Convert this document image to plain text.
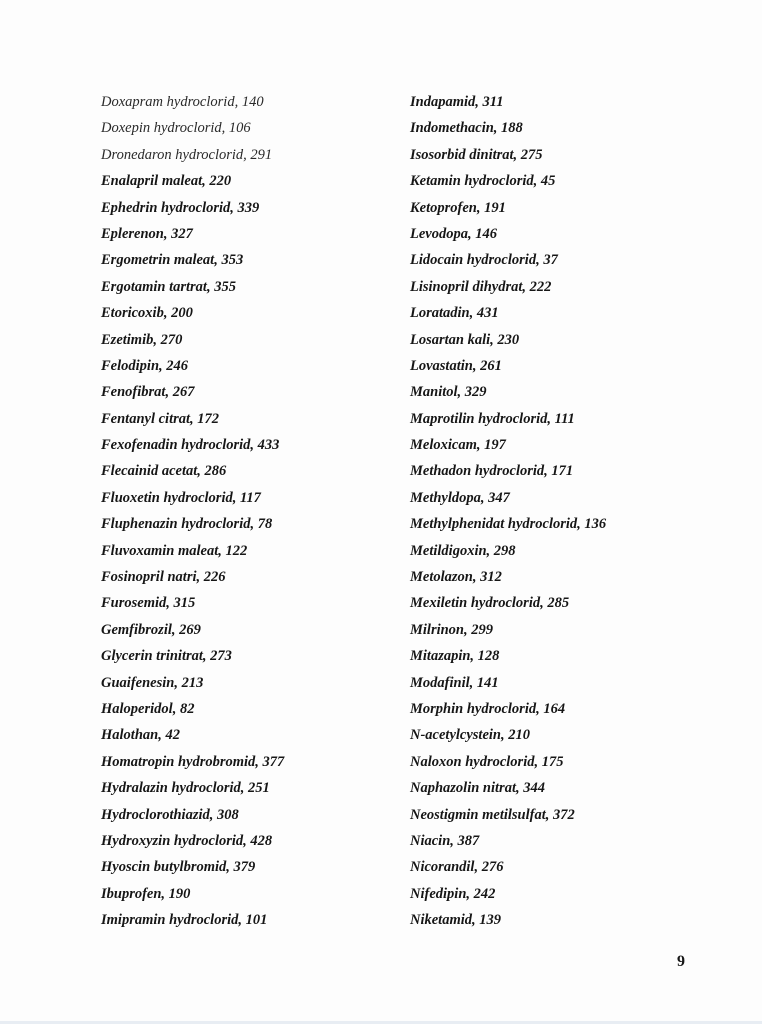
Doxapram hydroclorid, 140
Doxepin hydroclorid, 106
Dronedaron hydroclorid, 291
Enalapril maleat, 220
Ephedrin hydroclorid, 339
Eplerenon, 327
Ergometrin maleat, 353
Ergotamin tartrat, 355
Etoricoxib, 200
Ezetimib, 270
Felodipin, 246
Fenofibrat, 267
Fentanyl citrat, 172
Fexofenadin hydroclorid, 433
Flecainid acetat, 286
Fluoxetin hydroclorid, 117
Fluphenazin hydroclorid, 78
Fluvoxamin maleat, 122
Fosinopril natri, 226
Furosemid, 315
Gemfibrozil, 269
Glycerin trinitrat, 273
Guaifenesin, 213
Haloperidol, 82
Halothan, 42
Homatropin hydrobromid, 377
Hydralazin hydroclorid, 251
Hydroclorothiazid, 308
Hydroxyzin hydroclorid, 428
Hyoscin butylbromid, 379
Ibuprofen, 190
Imipramin hydroclorid, 101
Indapamid, 311
Indomethacin, 188
Isosorbid dinitrat, 275
Ketamin hydroclorid, 45
Ketoprofen, 191
Levodopa, 146
Lidocain hydroclorid, 37
Lisinopril dihydrat, 222
Loratadin, 431
Losartan kali, 230
Lovastatin, 261
Manitol, 329
Maprotilin hydroclorid, 111
Meloxicam, 197
Methadon hydroclorid, 171
Methyldopa, 347
Methylphenidat hydroclorid, 136
Metildigoxin, 298
Metolazon, 312
Mexiletin hydroclorid, 285
Milrinon, 299
Mitazapin, 128
Modafinil, 141
Morphin hydroclorid, 164
N-acetylcystein, 210
Naloxon hydroclorid, 175
Naphazolin nitrat, 344
Neostigmin metilsulfat, 372
Niacin, 387
Nicorandil, 276
Nifedipin, 242
Niketamid, 139
9
